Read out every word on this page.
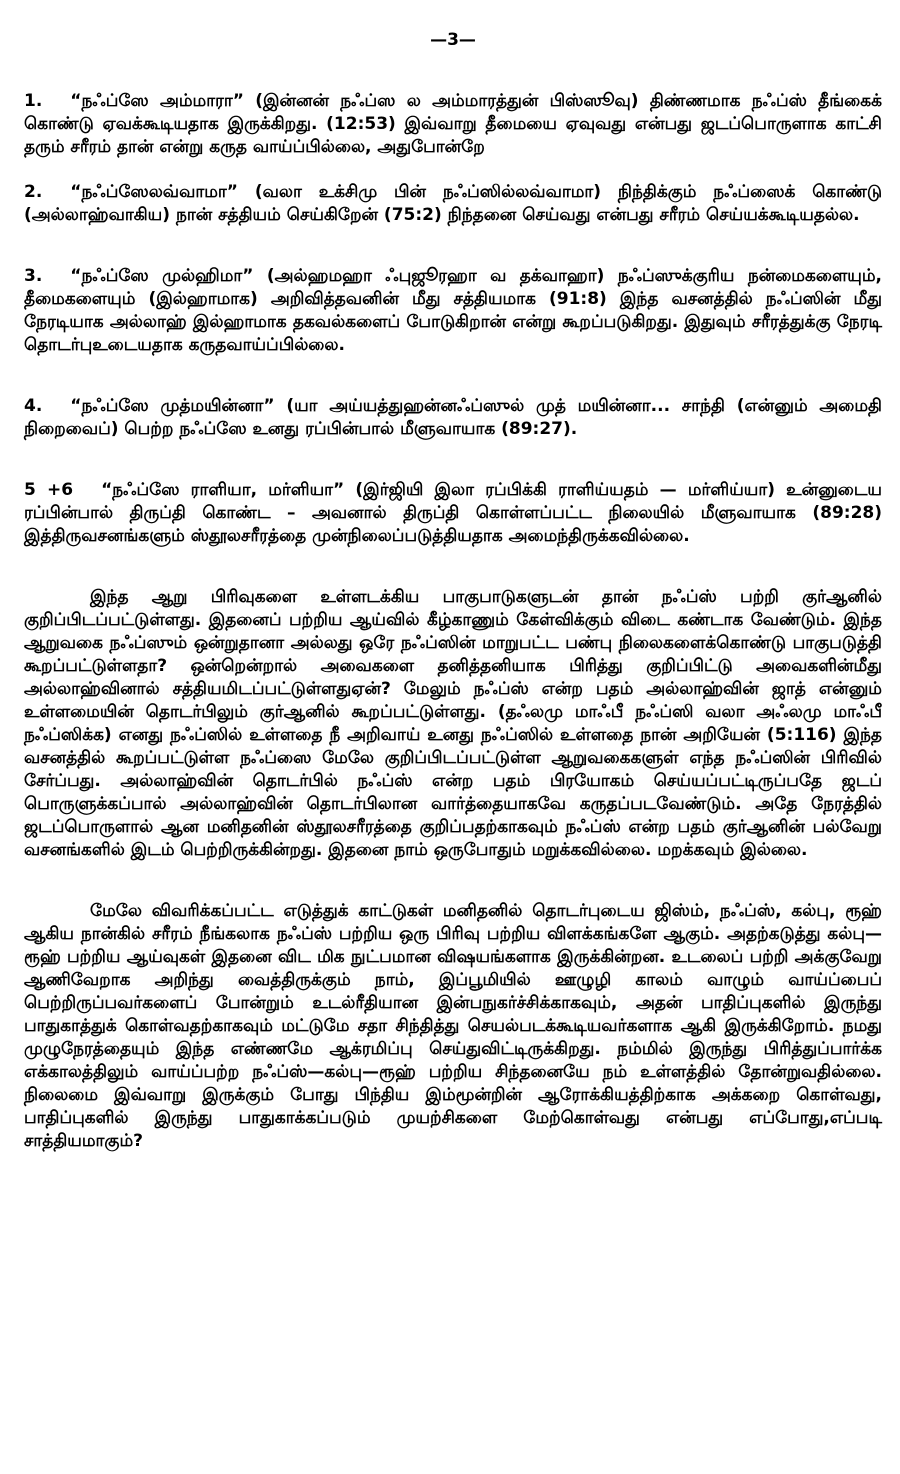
—3—

1. “நஃப்ஸே அம்மாரா” (இன்னன் நஃப்ஸ ல அம்மாரத்துன் பிஸ்ஸூவு) திண்ணமாக நஃப்ஸ் தீங்கைக் கொண்டு ஏவக்கூடியதாக இருக்கிறது. (12:53) இவ்வாறு தீமையை ஏவுவது என்பது ஜடப்பொருளாக காட்சி தரும் சரீரம் தான் என்று கருத வாய்ப்பில்லை, அதுபோன்றே

2. “நஃப்ஸேலவ்வாமா” (வலா உக்சிமு பின் நஃப்ஸில்லவ்வாமா) நிந்திக்கும் நஃப்ஸைக் கொண்டு (அல்லாஹ்வாகிய) நான் சத்தியம் செய்கிறேன் (75:2) நிந்தனை செய்வது என்பது சரீரம் செய்யக்கூடியதல்ல.

3. “நஃப்ஸே முல்ஹிமா” (அல்ஹமஹா ஃபுஜூரஹா வ தக்வாஹா) நஃப்ஸுக்குரிய நன்மைகளையும், தீமைகளையும் (இல்ஹாமாக) அறிவித்தவனின் மீது சத்தியமாக (91:8) இந்த வசனத்தில் நஃப்ஸின் மீது நேரடியாக அல்லாஹ் இல்ஹாமாக தகவல்களைப் போடுகிறான் என்று கூறப்படுகிறது. இதுவும் சரீரத்துக்கு நேரடி தொடர்புஉடையதாக கருதவாய்ப்பில்லை.

4. “நஃப்ஸே முத்மயின்னா” (யா அய்யத்துஹன்னஃப்ஸுல் முத் மயின்னா... சாந்தி (என்னும் அமைதி நிறைவைப்) பெற்ற நஃப்ஸே உனது ரப்பின்பால் மீளுவாயாக (89:27).

5 +6 “நஃப்ஸே ராளியா, மர்ளியா” (இர்ஜியி இலா ரப்பிக்கி ராளிய்யதம் — மர்ளிய்யா) உன்னுடைய ரப்பின்பால் திருப்தி கொண்ட – அவனால் திருப்தி கொள்ளப்பட்ட நிலையில் மீளுவாயாக (89:28) இத்திருவசனங்களும் ஸ்தூலசரீரத்தை முன்நிலைப்படுத்தியதாக அமைந்திருக்கவில்லை.

இந்த ஆறு பிரிவுகளை உள்ளடக்கிய பாகுபாடுகளுடன் தான் நஃப்ஸ் பற்றி குர்ஆனில் குறிப்பிடப்பட்டுள்ளது. இதனைப் பற்றிய ஆய்வில் கீழ்காணும் கேள்விக்கும் விடை கண்டாக வேண்டும். இந்த ஆறுவகை நஃப்ஸும் ஒன்றுதானா அல்லது ஒரே நஃப்ஸின் மாறுபட்ட பண்பு நிலைகளைக்கொண்டு பாகுபடுத்தி கூறப்பட்டுள்ளதா? ஒன்றென்றால் அவைகளை தனித்தனியாக பிரித்து குறிப்பிட்டு அவைகளின்மீது அல்லாஹ்வினால் சத்தியமிடப்பட்டுள்ளதுஏன்? மேலும் நஃப்ஸ் என்ற பதம் அல்லாஹ்வின் ஜாத் என்னும் உள்ளமையின் தொடர்பிலும் குர்ஆனில் கூறப்பட்டுள்ளது. (தஃலமு மாஃபீ நஃப்ஸி வலா அஃலமு மாஃபீ நஃப்ஸிக்க) எனது நஃப்ஸில் உள்ளதை நீ அறிவாய் உனது நஃப்ஸில் உள்ளதை நான் அறியேன் (5:116) இந்த வசனத்தில் கூறப்பட்டுள்ள நஃப்ஸை மேலே குறிப்பிடப்பட்டுள்ள ஆறுவகைகளுள் எந்த நஃப்ஸின் பிரிவில் சேர்ப்பது. அல்லாஹ்வின் தொடர்பில் நஃப்ஸ் என்ற பதம் பிரயோகம் செய்யப்பட்டிருப்பதே ஜடப் பொருளுக்கப்பால் அல்லாஹ்வின் தொடர்பிலான வார்த்தையாகவே கருதப்படவேண்டும். அதே நேரத்தில் ஜடப்பொருளால் ஆன மனிதனின் ஸ்தூலசரீரத்தை குறிப்பதற்காகவும் நஃப்ஸ் என்ற பதம் குர்ஆனின் பல்வேறு வசனங்களில் இடம் பெற்றிருக்கின்றது. இதனை நாம் ஒருபோதும் மறுக்கவில்லை. மறக்கவும் இல்லை.

மேலே விவரிக்கப்பட்ட எடுத்துக் காட்டுகள் மனிதனில் தொடர்புடைய ஜிஸ்ம், நஃப்ஸ், கல்பு, ரூஹ் ஆகிய நான்கில் சரீரம் நீங்கலாக நஃப்ஸ் பற்றிய ஒரு பிரிவு பற்றிய விளக்கங்களே ஆகும். அதற்கடுத்து கல்பு—ரூஹ் பற்றிய ஆய்வுகள் இதனை விட மிக நுட்பமான விஷயங்களாக இருக்கின்றன. உடலைப் பற்றி அக்குவேறு ஆணிவேறாக அறிந்து வைத்திருக்கும் நாம், இப்பூமியில் ஊழுழி காலம் வாழும் வாய்ப்பைப் பெற்றிருப்பவர்களைப் போன்றும் உடல்ரீதியான இன்பநுகர்ச்சிக்காகவும், அதன் பாதிப்புகளில் இருந்து பாதுகாத்துக் கொள்வதற்காகவும் மட்டுமே சதா சிந்தித்து செயல்படக்கூடியவர்களாக ஆகி இருக்கிறோம். நமது முழுநேரத்தையும் இந்த எண்ணமே ஆக்ரமிப்பு செய்துவிட்டிருக்கிறது. நம்மில் இருந்து பிரித்துப்பார்க்க எக்காலத்திலும் வாய்ப்பற்ற நஃப்ஸ்—கல்பு—ரூஹ் பற்றிய சிந்தனையே நம் உள்ளத்தில் தோன்றுவதில்லை. நிலைமை இவ்வாறு இருக்கும் போது பிந்திய இம்மூன்றின் ஆரோக்கியத்திற்காக அக்கறை கொள்வது, பாதிப்புகளில் இருந்து பாதுகாக்கப்படும் முயற்சிகளை மேற்கொள்வது என்பது எப்போது,எப்படி சாத்தியமாகும்?
